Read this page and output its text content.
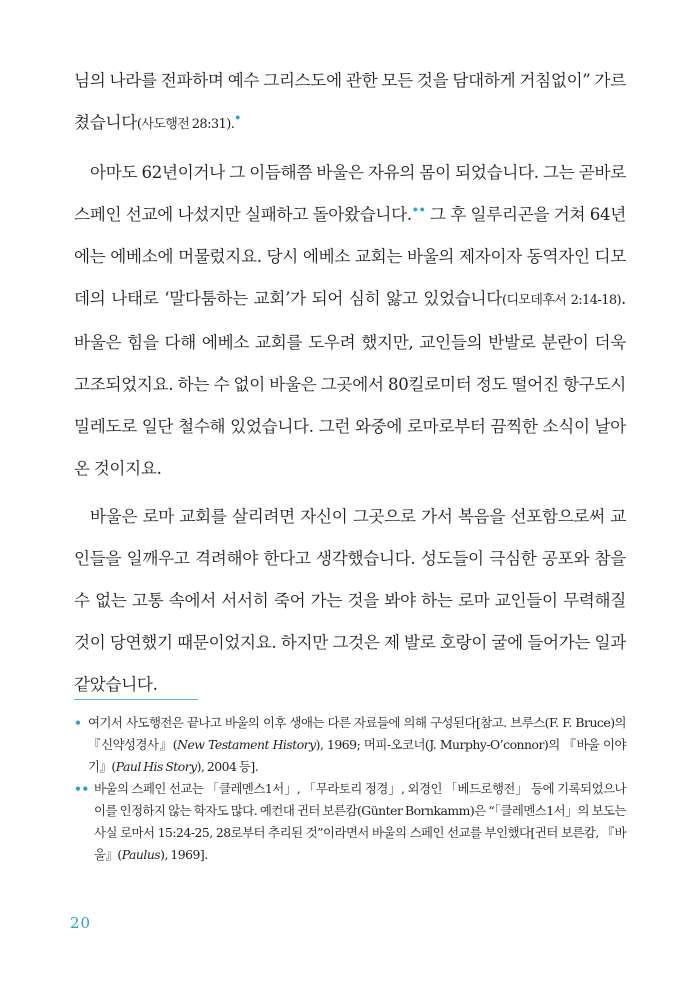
님의 나라를 전파하며 예수 그리스도에 관한 모든 것을 담대하게 거침없이” 가르쳤습니다(사도행전 28:31).•

아마도 62년이거나 그 이듬해쯤 바울은 자유의 몸이 되었습니다. 그는 곧바로 스페인 선교에 나섰지만 실패하고 돌아왔습니다.•• 그 후 일루리곤을 거쳐 64년에는 에베소에 머물렀지요. 당시 에베소 교회는 바울의 제자이자 동역자인 디모데의 나태로 ‘말다툼하는 교회’가 되어 심히 앓고 있었습니다(디모데후서 2:14-18). 바울은 힘을 다해 에베소 교회를 도우려 했지만, 교인들의 반발로 분란이 더욱 고조되었지요. 하는 수 없이 바울은 그곳에서 80킬로미터 정도 떨어진 항구도시 밀레도로 일단 철수해 있었습니다. 그런 와중에 로마로부터 끔찍한 소식이 날아온 것이지요.

바울은 로마 교회를 살리려면 자신이 그곳으로 가서 복음을 선포함으로써 교인들을 일깨우고 격려해야 한다고 생각했습니다. 성도들이 극심한 공포와 참을 수 없는 고통 속에서 서서히 죽어 가는 것을 봐야 하는 로마 교인들이 무력해질 것이 당연했기 때문이었지요. 하지만 그것은 제 발로 호랑이 굴에 들어가는 일과 같았습니다.

• 여기서 사도행전은 끝나고 바울의 이후 생애는 다른 자료들에 의해 구성된다[참고. 브루스(F. F. Bruce)의 『신약성경사』(New Testament History), 1969; 머피-오코너(J. Murphy-O’connor)의 『바울 이야기』(Paul His Story), 2004 등].

•• 바울의 스페인 선교는 「클레멘스1서」, 「무라토리 정경」, 외경인 「베드로행전」 등에 기록되었으나 이를 인정하지 않는 학자도 많다. 예컨대 귄터 보른캄(Günter Bornkamm)은 “「클레멘스1서」의 보도는 사실 로마서 15:24-25, 28로부터 추리된 것”이라면서 바울의 스페인 선교를 부인했다[귄터 보른캄, 『바울』(Paulus), 1969].

20
